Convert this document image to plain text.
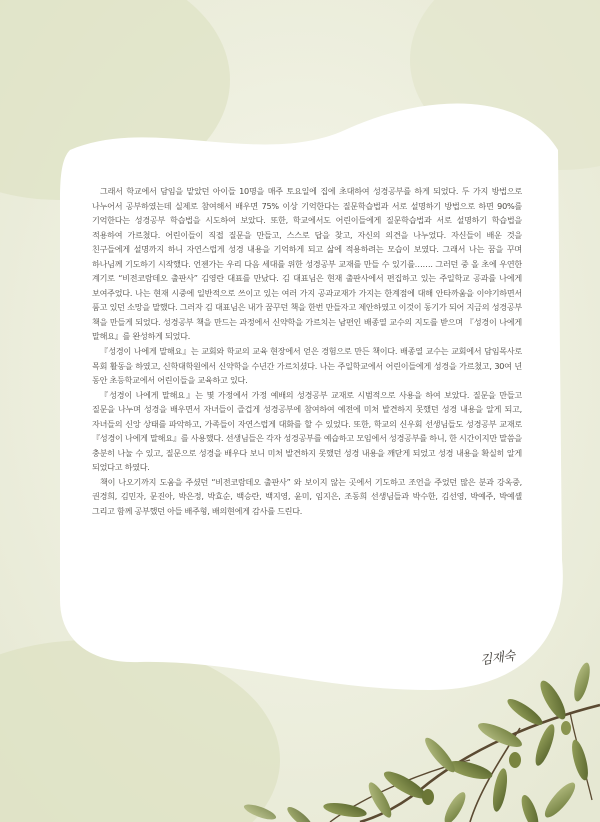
그래서 학교에서 담임을 맡았던 아이들 10명을 매주 토요일에 집에 초대하여 성경공부를 하게 되었다. 두 가지 방법으로 나누어서 공부하였는데 실제로 참여해서 배우면 75% 이상 기억한다는 질문학습법과 서로 설명하기 방법으로 하면 90%를 기억한다는 성경공부 학습법을 시도하여 보았다. 또한, 학교에서도 어린이들에게 질문학습법과 서로 설명하기 학습법을 적용하여 가르쳤다. 어린이들이 직접 질문을 만들고, 스스로 답을 찾고, 자신의 의견을 나누었다. 자신들이 배운 것을 친구들에게 설명까지 하니 자연스럽게 성경 내용을 기억하게 되고 삶에 적용하려는 모습이 보였다. 그래서 나는 꿈을 꾸며 하나님께 기도하기 시작했다. 언젠가는 우리 다음 세대를 위한 성경공부 교재를 만들 수 있기를……. 그러던 중 올 초에 우연한 계기로 “비전코람데오 출판사” 김영란 대표를 만났다. 김 대표님은 현재 출판사에서 편집하고 있는 주일학교 공과를 나에게 보여주었다. 나는 현재 시중에 일반적으로 쓰이고 있는 여러 가지 공과교재가 가지는 한계점에 대해 안타까움을 이야기하면서 품고 있던 소망을 말했다. 그러자 김 대표님은 내가 꿈꾸던 책을 한번 만들자고 제안하였고 이것이 동기가 되어 지금의 성경공부 책을 만들게 되었다. 성경공부 책을 만드는 과정에서 신약학을 가르치는 남편인 배종열 교수의 지도를 받으며 『성경이 나에게 말해요』를 완성하게 되었다.

『성경이 나에게 말해요』는 교회와 학교의 교육 현장에서 얻은 경험으로 만든 책이다. 배종열 교수는 교회에서 담임목사로 목회 활동을 하였고, 신학대학원에서 신약학을 수년간 가르치셨다. 나는 주일학교에서 어린이들에게 성경을 가르쳤고, 30여 년 동안 초등학교에서 어린이들을 교육하고 있다.

『성경이 나에게 말해요』는 몇 가정에서 가정 예배의 성경공부 교재로 시범적으로 사용을 하여 보았다. 질문을 만들고 질문을 나누며 성경을 배우면서 자녀들이 즐겁게 성경공부에 참여하여 예전에 미처 발견하지 못했던 성경 내용을 알게 되고, 자녀들의 신앙 상태를 파악하고, 가족들이 자연스럽게 대화를 할 수 있었다. 또한, 학교의 신우회 선생님들도 성경공부 교재로 『성경이 나에게 말해요』를 사용했다. 선생님들은 각자 성경공부를 예습하고 모임에서 성경공부를 하니, 한 시간이지만 말씀을 충분히 나눌 수 있고, 질문으로 성경을 배우다 보니 미처 발견하지 못했던 성경 내용을 깨닫게 되었고 성경 내용을 확실히 알게 되었다고 하였다.

책이 나오기까지 도움을 주셨던 “비전코람데오 출판사” 와 보이지 않는 곳에서 기도하고 조언을 주었던 많은 분과 강옥중, 권경희, 김민자, 문진아, 박은정, 박효순, 백승란, 백지영, 윤미, 임지은, 조동희 선생님들과 박수한, 김선영, 박예주, 박예셸 그리고 함께 공부했던 아들 배주형, 배의현에게 감사를 드린다.

김재숙
